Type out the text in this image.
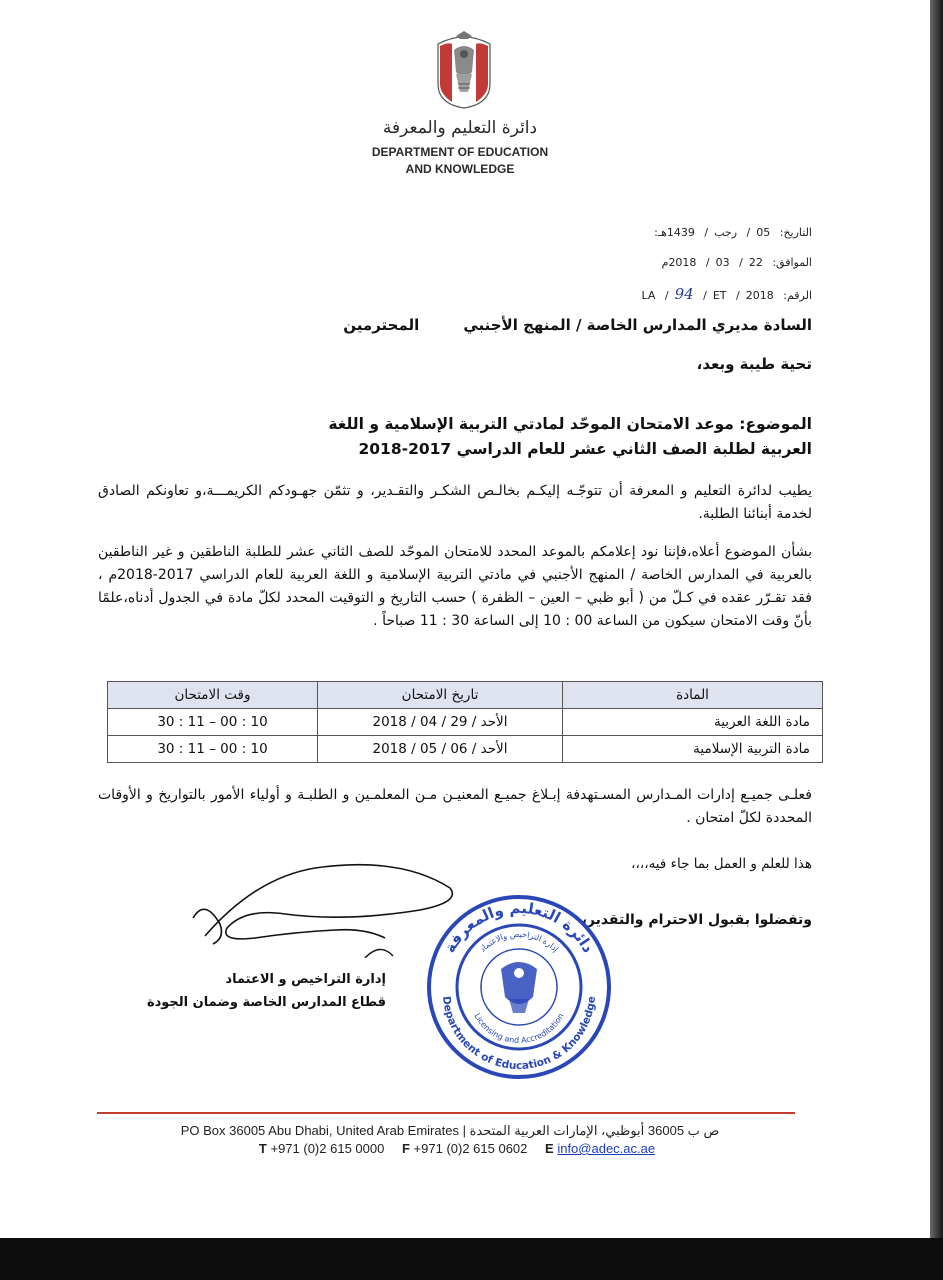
دائرة التعليم والمعرفة
DEPARTMENT OF EDUCATION
AND KNOWLEDGE
التاريخ: 05/ رجب/ 1439هـ:
الموافق: 22/ 03/ 2018م
الرقم: 2018/ ET/ 94/ LA
السادة مديري المدارس الخاصة / المنهج الأجنبيالمحترمين
تحية طيبة وبعد،
الموضوع: موعد الامتحان الموحّد لمادتي التربية الإسلامية و اللغة
العربية لطلبة الصف الثاني عشر للعام الدراسي 2017-2018
يطيب لدائرة التعليم و المعرفة أن تتوجّـه إليكـم بخالـص الشكـر والتقـدير، و تثمّن جهـودكم الكريمـــة،و تعاونكم الصادق لخدمة أبنائنا الطلبة.
بشأن الموضوع أعلاه،فإننا نود إعلامكم بالموعد المحدد للامتحان الموحّد للصف الثاني عشر للطلبة الناطقين و غير الناطقين بالعربية في المدارس الخاصة / المنهج الأجنبي في مادتي التربية الإسلامية و اللغة العربية للعام الدراسي 2017-2018م ، فقد تقـرّر عقده في كـلّ من ( أبو ظبي – العين – الظفرة ) حسب التاريخ و التوقيت المحدد لكلّ مادة في الجدول أدناه،علمًا بأنّ وقت الامتحان سيكون من الساعة 00 : 10 إلى الساعة 30 : 11 صباحاً .
المادة	تاريخ الامتحان	وقت الامتحان
مادة اللغة العربية	الأحد / 29 / 04 / 2018	10 : 00 – 11 : 30
مادة التربية الإسلامية	الأحد / 06 / 05 / 2018	10 : 00 – 11 : 30
فعلـى جميـع إدارات المـدارس المسـتهدفة إبـلاغ جميـع المعنيـن مـن المعلمـين و الطلبـة و أولياء الأمور بالتواريخ و الأوقات المحددة لكلّ امتحان .
هذا للعلم و العمل بما جاء فيه،،،،
وتفضلوا بقبول الاحترام والتقدير،
إدارة التراخيص و الاعتماد
قطاع المدارس الخاصة وضمان الجودة
دائرة التعليم والمعرفة
Department of Education & Knowledge
إدارة التراخيص والاعتماد
Licensing and Accreditation
PO Box 36005 Abu Dhabi, United Arab Emirates | ص ب 36005 أبوظبي، الإمارات العربية المتحدة
T +971 (0)2 615 0000 F +971 (0)2 615 0602 E info@adec.ac.ae
